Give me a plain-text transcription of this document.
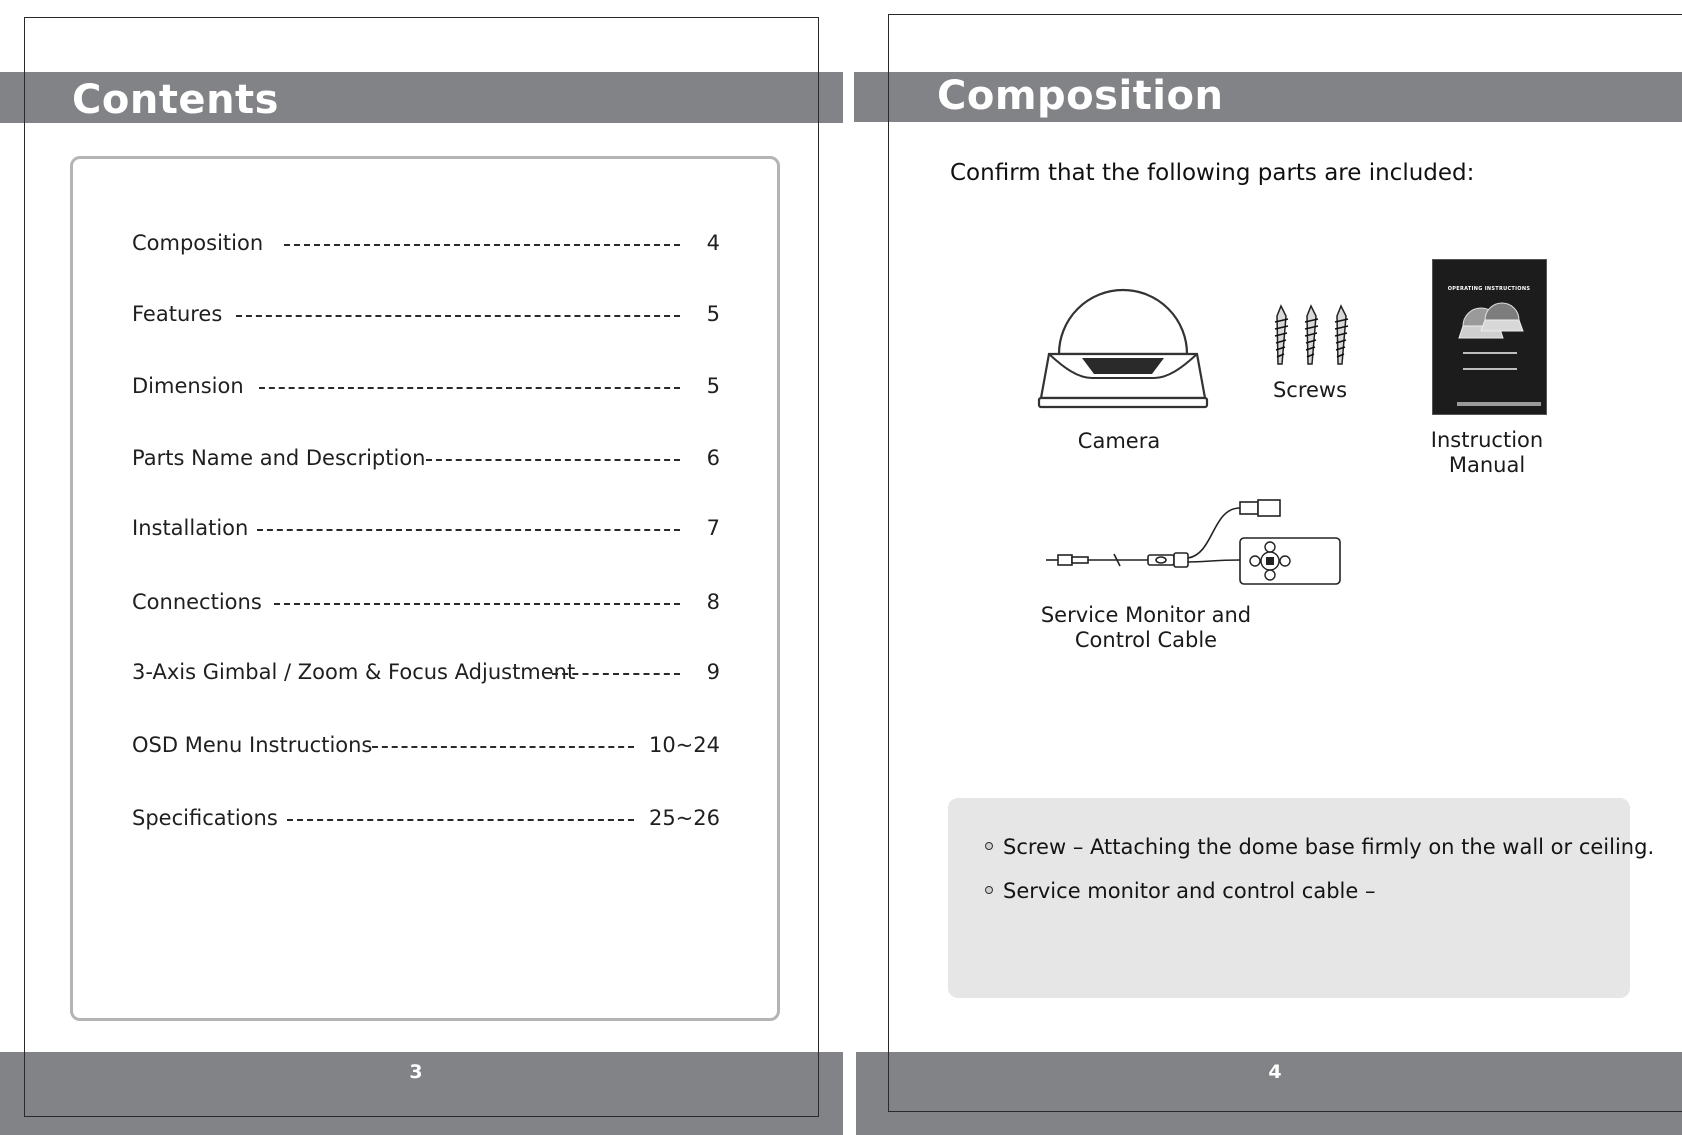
Contents
3
Composition	4
Features	5
Dimension	5
Parts Name and Description	6
Installation	7
Connections	8
3-Axis Gimbal / Zoom & Focus Adjustment	9
OSD Menu Instructions	10~24
Specifications	25~26
Composition
4
Confirm that the following parts are included:
Camera
Screws
OPERATING INSTRUCTIONS
Instruction
Manual
Service Monitor and
Control Cable
Screw – Attaching the dome base firmly on the wall or ceiling.
Service monitor and control cable –
